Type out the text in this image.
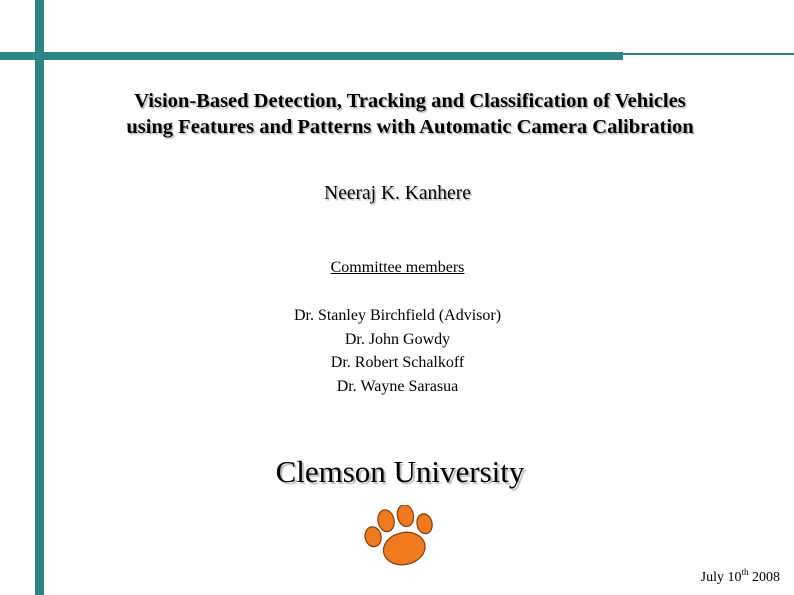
Vision-Based Detection, Tracking and Classification of Vehicles
using Features and Patterns with Automatic Camera Calibration
Neeraj K. Kanhere
Committee members
Dr. Stanley Birchfield (Advisor)
Dr. John Gowdy
Dr. Robert Schalkoff
Dr. Wayne Sarasua
Clemson University
July 10th 2008
